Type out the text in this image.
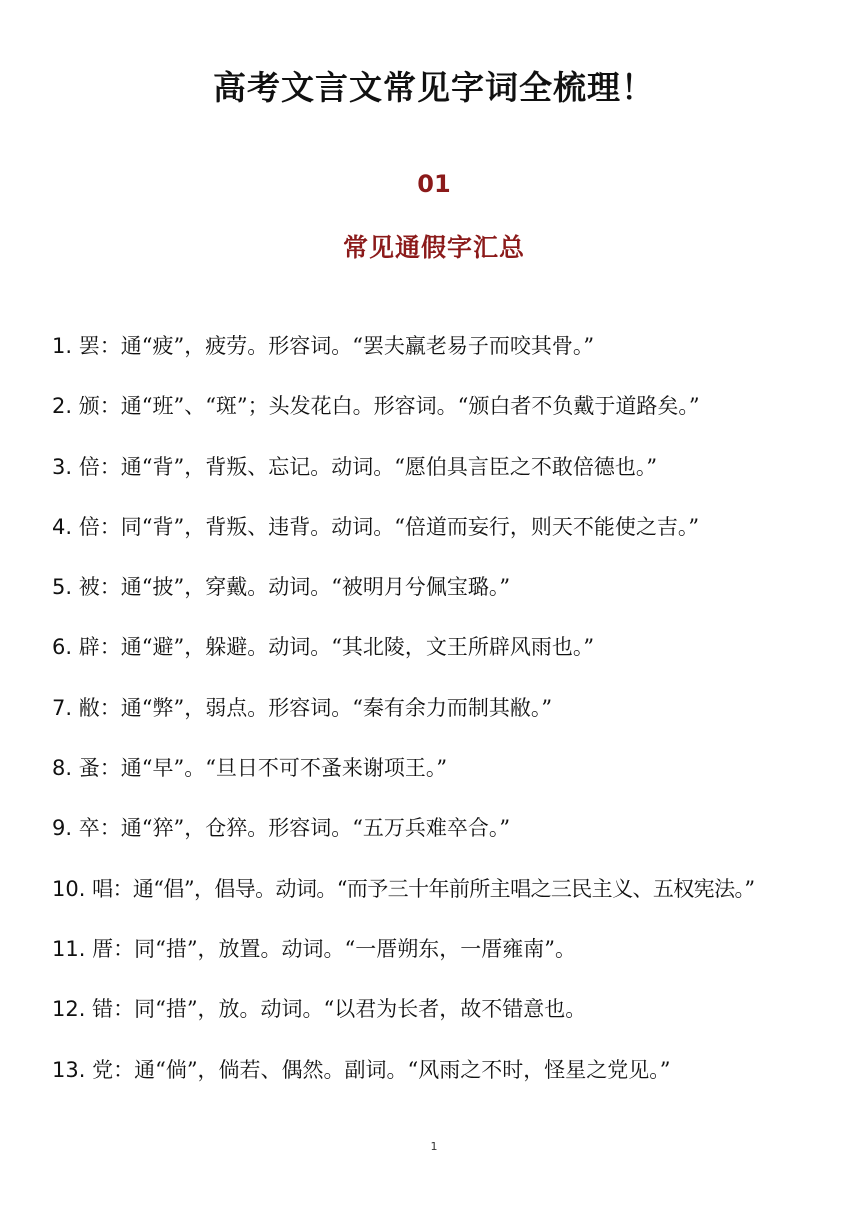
高考文言文常见字词全梳理！
01
常见通假字汇总
1. 罢：通“疲”，疲劳。形容词。“罢夫羸老易子而咬其骨。”
2. 颁：通“班”、“斑”；头发花白。形容词。“颁白者不负戴于道路矣。”
3. 倍：通“背”，背叛、忘记。动词。“愿伯具言臣之不敢倍德也。”
4. 倍：同“背”，背叛、违背。动词。“倍道而妄行，则天不能使之吉。”
5. 被：通“披”，穿戴。动词。“被明月兮佩宝璐。”
6. 辟：通“避”，躲避。动词。“其北陵，文王所辟风雨也。”
7. 敝：通“弊”，弱点。形容词。“秦有余力而制其敝。”
8. 蚤：通“早”。“旦日不可不蚤来谢项王。”
9. 卒：通“猝”，仓猝。形容词。“五万兵难卒合。”
10. 唱：通“倡”，倡导。动词。“而予三十年前所主唱之三民主义、五权宪法。”
11. 厝：同“措”，放置。动词。“一厝朔东，一厝雍南”。
12. 错：同“措”，放。动词。“以君为长者，故不错意也。
13. 党：通“倘”，倘若、偶然。副词。“风雨之不时，怪星之党见。”
1
